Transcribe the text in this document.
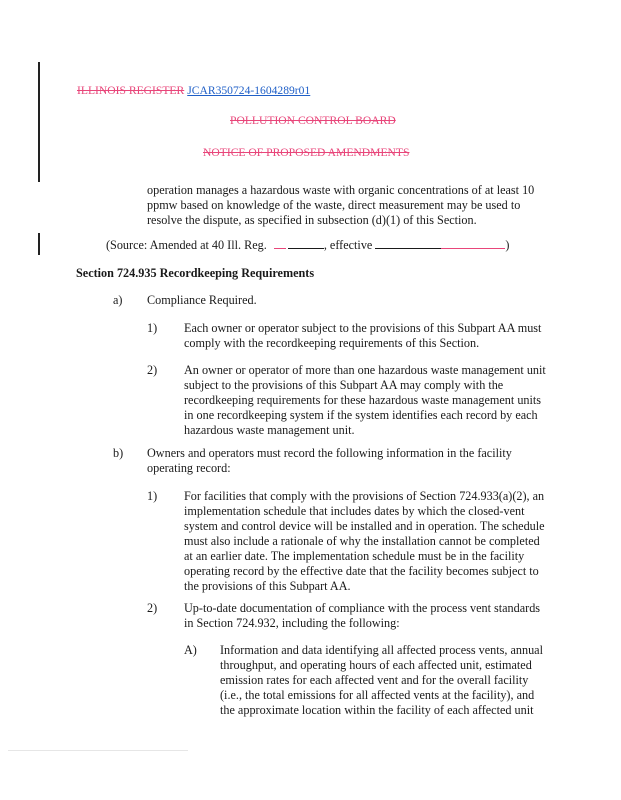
ILLINOIS REGISTER JCAR350724-1604289r01
POLLUTION CONTROL BOARD
NOTICE OF PROPOSED AMENDMENTS
operation manages a hazardous waste with organic concentrations of at least 10
ppmw based on knowledge of the waste, direct measurement may be used to
resolve the dispute, as specified in subsection (d)(1) of this Section.
(Source: Amended at 40 Ill. Reg.	, effective	)
Section 724.935 Recordkeeping Requirements
a) Compliance Required.
1) Each owner or operator subject to the provisions of this Subpart AA must
comply with the recordkeeping requirements of this Section.
2) An owner or operator of more than one hazardous waste management unit
subject to the provisions of this Subpart AA may comply with the
recordkeeping requirements for these hazardous waste management units
in one recordkeeping system if the system identifies each record by each
hazardous waste management unit.
b) Owners and operators must record the following information in the facility
operating record:
1) For facilities that comply with the provisions of Section 724.933(a)(2), an
implementation schedule that includes dates by which the closed-vent
system and control device will be installed and in operation. The schedule
must also include a rationale of why the installation cannot be completed
at an earlier date. The implementation schedule must be in the facility
operating record by the effective date that the facility becomes subject to
the provisions of this Subpart AA.
2) Up-to-date documentation of compliance with the process vent standards
in Section 724.932, including the following:
A) Information and data identifying all affected process vents, annual
throughput, and operating hours of each affected unit, estimated
emission rates for each affected vent and for the overall facility
(i.e., the total emissions for all affected vents at the facility), and
the approximate location within the facility of each affected unit
